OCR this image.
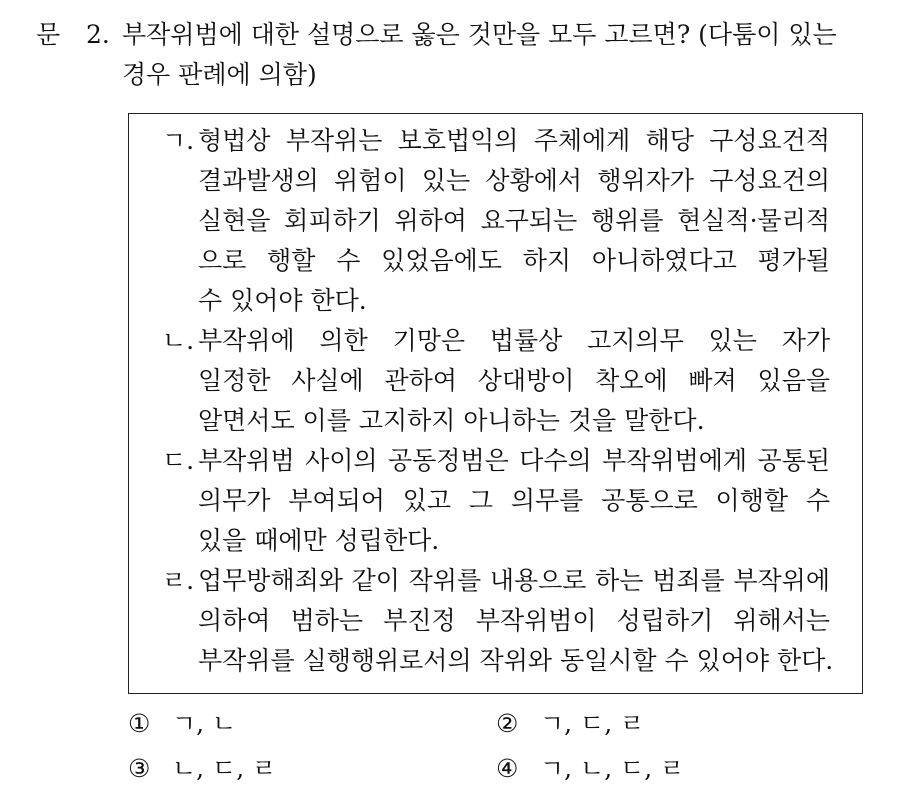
문 2. 부작위범에 대한 설명으로 옳은 것만을 모두 고르면? (다툼이 있는
경우 판례에 의함)
ㄱ. 형법상 부작위는 보호법익의 주체에게 해당 구성요건적
결과발생의 위험이 있는 상황에서 행위자가 구성요건의
실현을 회피하기 위하여 요구되는 행위를 현실적·물리적
으로 행할 수 있었음에도 하지 아니하였다고 평가될
수 있어야 한다.
ㄴ. 부작위에 의한 기망은 법률상 고지의무 있는 자가
일정한 사실에 관하여 상대방이 착오에 빠져 있음을
알면서도 이를 고지하지 아니하는 것을 말한다.
ㄷ. 부작위범 사이의 공동정범은 다수의 부작위범에게 공통된
의무가 부여되어 있고 그 의무를 공통으로 이행할 수
있을 때에만 성립한다.
ㄹ. 업무방해죄와 같이 작위를 내용으로 하는 범죄를 부작위에
의하여 범하는 부진정 부작위범이 성립하기 위해서는
부작위를 실행행위로서의 작위와 동일시할 수 있어야 한다.
① ㄱ, ㄴ	② ㄱ, ㄷ, ㄹ
③ ㄴ, ㄷ, ㄹ	④ ㄱ, ㄴ, ㄷ, ㄹ
